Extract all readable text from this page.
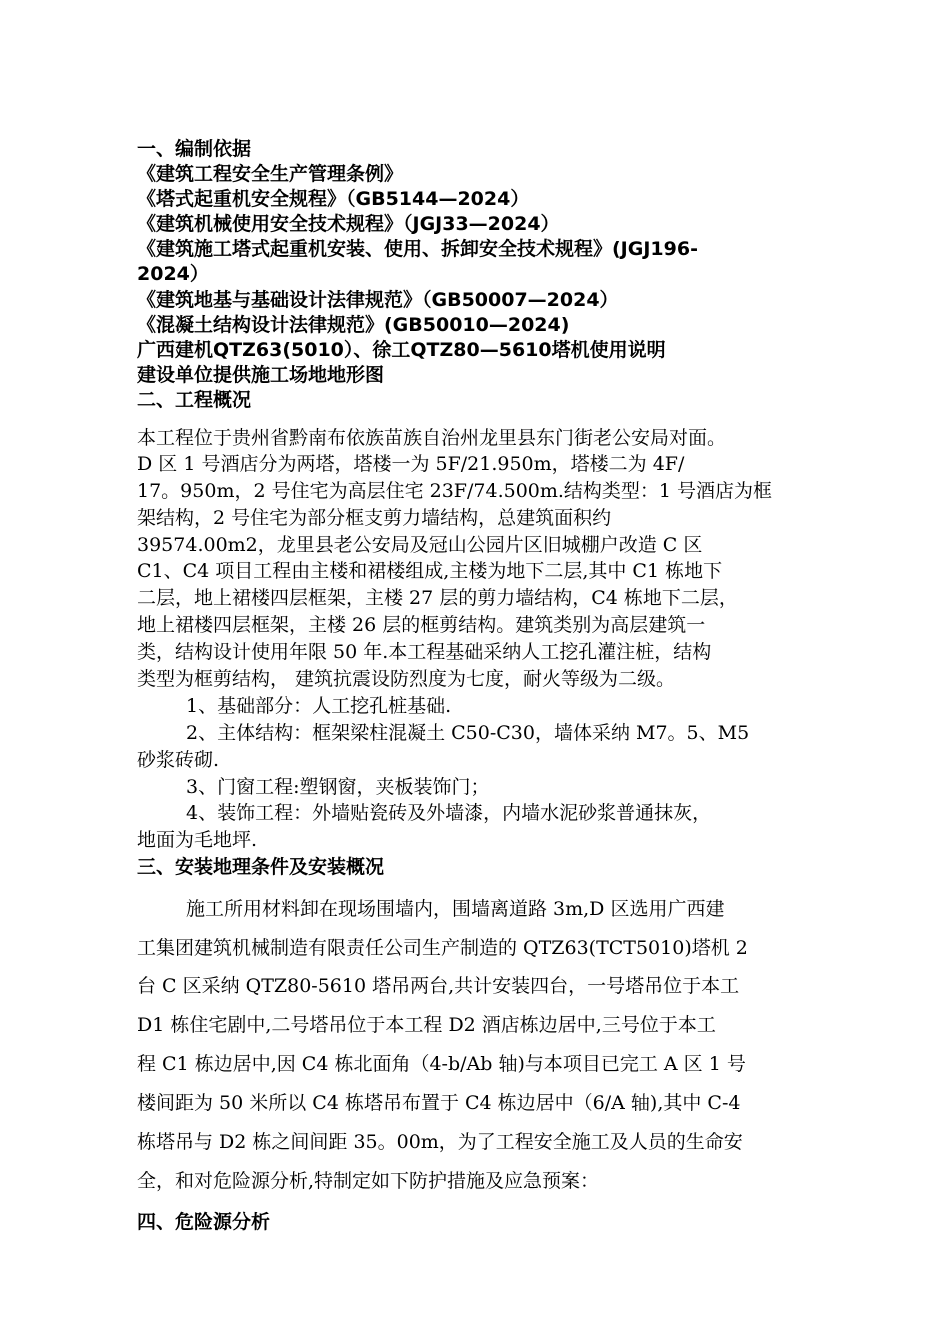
一、编制依据
《建筑工程安全生产管理条例》
《塔式起重机安全规程》（GB5144—2024）
《建筑机械使用安全技术规程》（JGJ33—2024）
《建筑施工塔式起重机安装、使用、拆卸安全技术规程》(JGJ196-
2024）
《建筑地基与基础设计法律规范》（GB50007—2024）
《混凝土结构设计法律规范》(GB50010—2024)
广西建机QTZ63(5010）、徐工QTZ80—5610塔机使用说明
建设单位提供施工场地地形图
二、工程概况
本工程位于贵州省黔南布依族苗族自治州龙里县东门街老公安局对面。
D 区 1 号酒店分为两塔，塔楼一为 5F/21.950m，塔楼二为 4F/
17。950m，2 号住宅为高层住宅 23F/74.500m.结构类型：1 号酒店为框
架结构，2 号住宅为部分框支剪力墙结构，总建筑面积约
39574.00m2，龙里县老公安局及冠山公园片区旧城棚户改造 C 区
C1、C4 项目工程由主楼和裙楼组成,主楼为地下二层,其中 C1 栋地下
二层，地上裙楼四层框架，主楼 27 层的剪力墙结构，C4 栋地下二层，
地上裙楼四层框架，主楼 26 层的框剪结构。建筑类别为高层建筑一
类，结构设计使用年限 50 年.本工程基础采纳人工挖孔灌注桩，结构
类型为框剪结构， 建筑抗震设防烈度为七度，耐火等级为二级。
1、基础部分：人工挖孔桩基础.
2、主体结构：框架梁柱混凝土 C50-C30，墙体采纳 M7。5、M5
砂浆砖砌.
3、门窗工程:塑钢窗，夹板装饰门；
4、装饰工程：外墙贴瓷砖及外墙漆，内墙水泥砂浆普通抹灰，
地面为毛地坪.
三、安装地理条件及安装概况
施工所用材料卸在现场围墙内，围墙离道路 3m,D 区选用广西建
工集团建筑机械制造有限责任公司生产制造的 QTZ63(TCT5010)塔机 2
台 C 区采纳 QTZ80-5610 塔吊两台,共计安装四台，一号塔吊位于本工
D1 栋住宅剧中,二号塔吊位于本工程 D2 酒店栋边居中,三号位于本工
程 C1 栋边居中,因 C4 栋北面角（4-b/Ab 轴)与本项目已完工 A 区 1 号
楼间距为 50 米所以 C4 栋塔吊布置于 C4 栋边居中（6/A 轴),其中 C-4
栋塔吊与 D2 栋之间间距 35。00m，为了工程安全施工及人员的生命安
全，和对危险源分析,特制定如下防护措施及应急预案：
四、危险源分析
